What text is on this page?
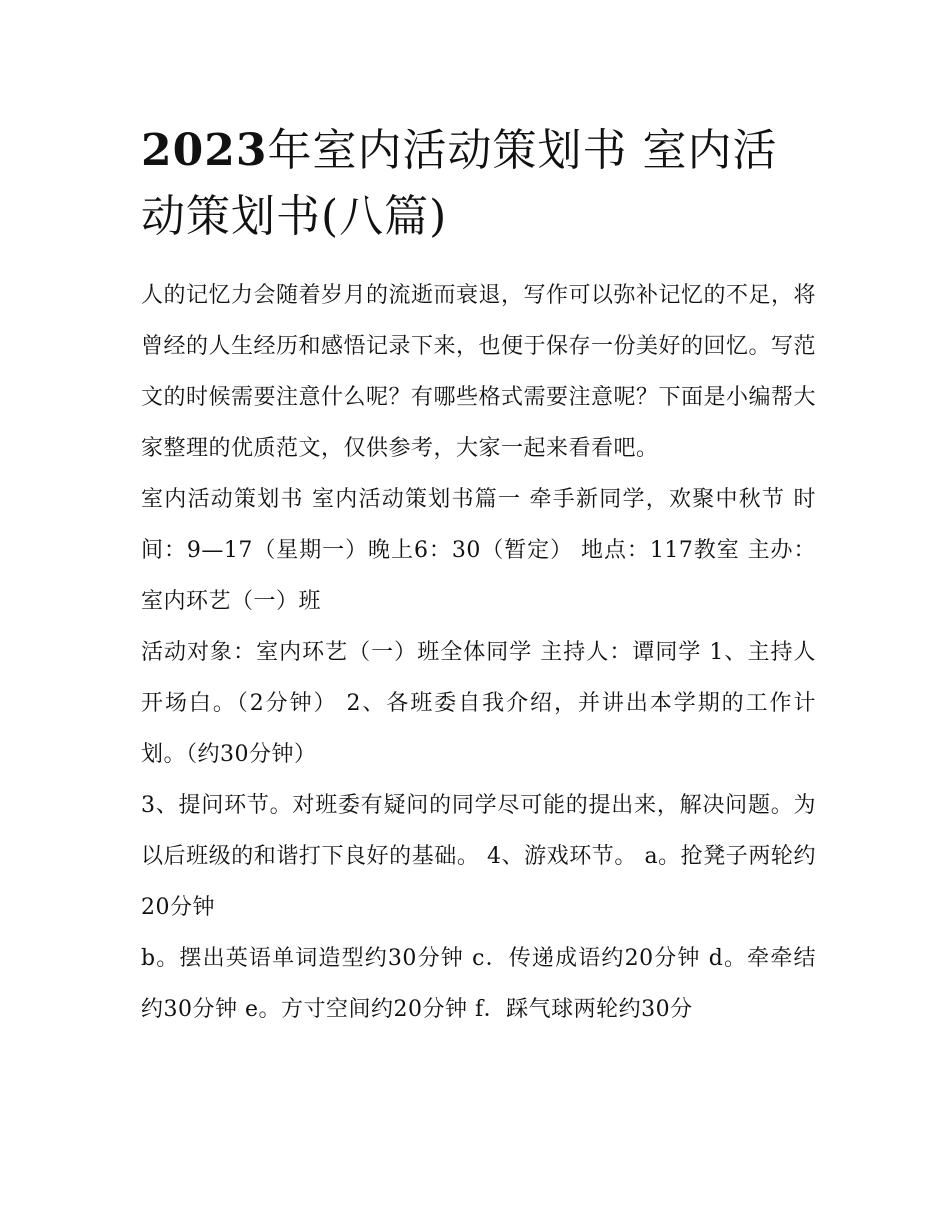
2023年室内活动策划书 室内活动策划书(八篇)

人的记忆力会随着岁月的流逝而衰退，写作可以弥补记忆的不足，将曾经的人生经历和感悟记录下来，也便于保存一份美好的回忆。写范文的时候需要注意什么呢？有哪些格式需要注意呢？下面是小编帮大家整理的优质范文，仅供参考，大家一起来看看吧。

室内活动策划书 室内活动策划书篇一 牵手新同学，欢聚中秋节 时间：9—17（星期一）晚上6：30（暂定） 地点：117教室 主办：室内环艺（一）班

活动对象：室内环艺（一）班全体同学 主持人：谭同学 1、主持人开场白。（2分钟） 2、各班委自我介绍，并讲出本学期的工作计划。（约30分钟）

3、提问环节。对班委有疑问的同学尽可能的提出来，解决问题。为以后班级的和谐打下良好的基础。 4、游戏环节。 a。抢凳子两轮约20分钟

b。摆出英语单词造型约30分钟 c．传递成语约20分钟 d。牵牵结约30分钟 e。方寸空间约20分钟 f．踩气球两轮约30分
